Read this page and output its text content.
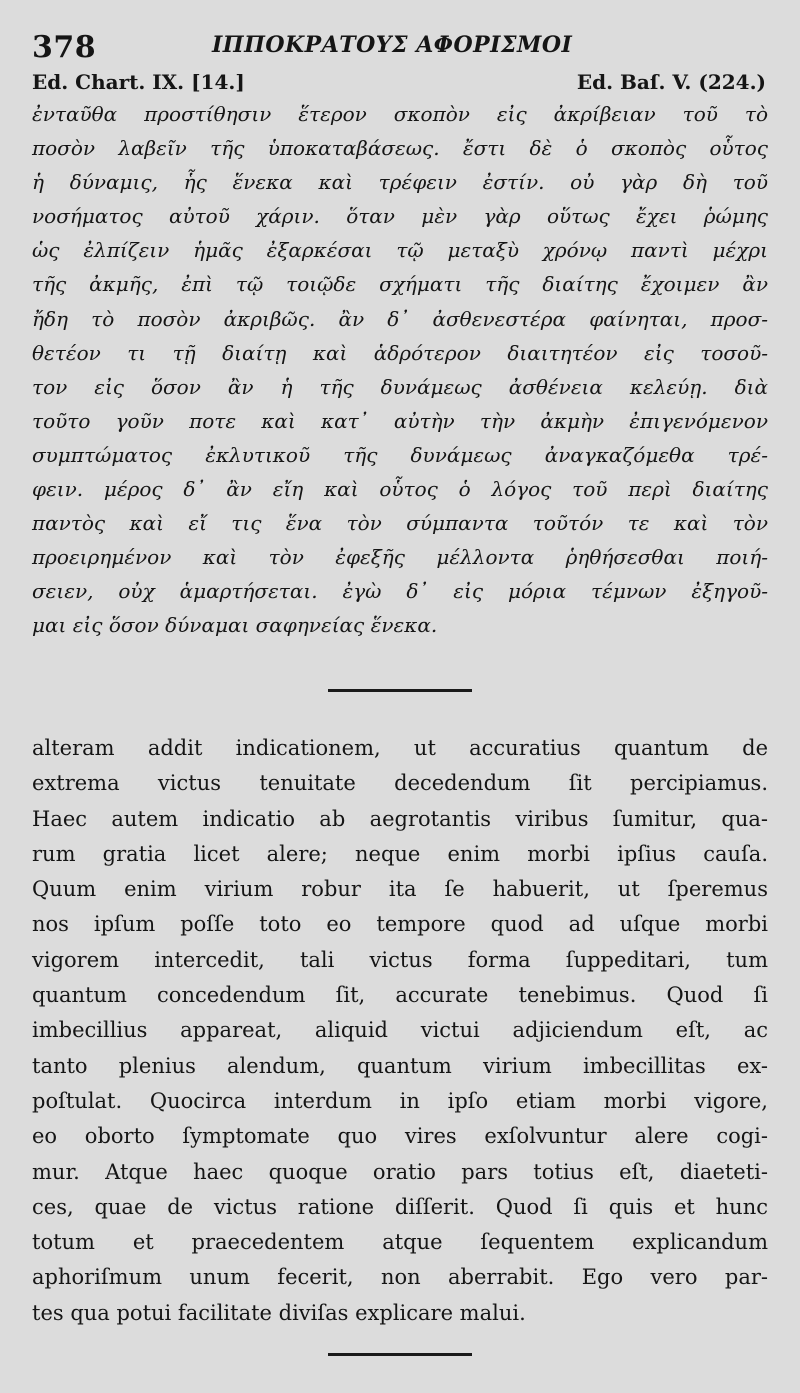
378	ΙΠΠΟΚΡΑΤΟΥΣ ΑΦΟΡΙΣΜΟΙ
Ed. Chart. IX. [14.]	Ed. Baſ. V. (224.)
ἐνταῦθα προστίθησιν ἕτερον σκοπὸν εἰς ἀκρίβειαν τοῦ τὸ
ποσὸν λαβεῖν τῆς ὑποκαταβάσεως. ἔστι δὲ ὁ σκοπὸς οὗτος
ἡ δύναμις, ἧς ἕνεκα καὶ τρέφειν ἐστίν. οὐ γὰρ δὴ τοῦ
νοσήματος αὐτοῦ χάριν. ὅταν μὲν γὰρ οὕτως ἔχει ῥώμης
ὡς ἐλπίζειν ἡμᾶς ἐξαρκέσαι τῷ μεταξὺ χρόνῳ παντὶ μέχρι
τῆς ἀκμῆς, ἐπὶ τῷ τοιῷδε σχήματι τῆς διαίτης ἔχοιμεν ἂν
ἤδη τὸ ποσὸν ἀκριβῶς. ἂν δ᾽ ἀσθενεστέρα φαίνηται, προσ-
θετέον τι τῇ διαίτῃ καὶ ἁδρότερον διαιτητέον εἰς τοσοῦ-
τον εἰς ὅσον ἂν ἡ τῆς δυνάμεως ἀσθένεια κελεύῃ. διὰ
τοῦτο γοῦν ποτε καὶ κατ᾽ αὐτὴν τὴν ἀκμὴν ἐπιγενόμενον
συμπτώματος ἐκλυτικοῦ τῆς δυνάμεως ἀναγκαζόμεθα τρέ-
φειν. μέρος δ᾽ ἂν εἴη καὶ οὗτος ὁ λόγος τοῦ περὶ διαίτης
παντὸς καὶ εἴ τις ἕνα τὸν σύμπαντα τοῦτόν τε καὶ τὸν
προειρημένον καὶ τὸν ἐφεξῆς μέλλοντα ῥηθήσεσθαι ποιή-
σειεν, οὐχ ἁμαρτήσεται. ἐγὼ δ᾽ εἰς μόρια τέμνων ἐξηγοῦ-
μαι εἰς ὅσον δύναμαι σαφηνείας ἕνεκα.
alteram addit indicationem, ut accuratius quantum de
extrema victus tenuitate decedendum ſit percipiamus.
Haec autem indicatio ab aegrotantis viribus ſumitur, qua-
rum gratia licet alere; neque enim morbi ipſius cauſa.
Quum enim virium robur ita ſe habuerit, ut ſperemus
nos ipſum poſſe toto eo tempore quod ad uſque morbi
vigorem intercedit, tali victus forma ſuppeditari, tum
quantum concedendum ſit, accurate tenebimus. Quod ſi
imbecillius appareat, aliquid victui adjiciendum eſt, ac
tanto plenius alendum, quantum virium imbecillitas ex-
poſtulat. Quocirca interdum in ipſo etiam morbi vigore,
eo oborto ſymptomate quo vires exſolvuntur alere cogi-
mur. Atque haec quoque oratio pars totius eſt, diaeteti-
ces, quae de victus ratione diſſerit. Quod ſi quis et hunc
totum et praecedentem atque ſequentem explicandum
aphoriſmum unum fecerit, non aberrabit. Ego vero par-
tes qua potui facilitate diviſas explicare malui.
